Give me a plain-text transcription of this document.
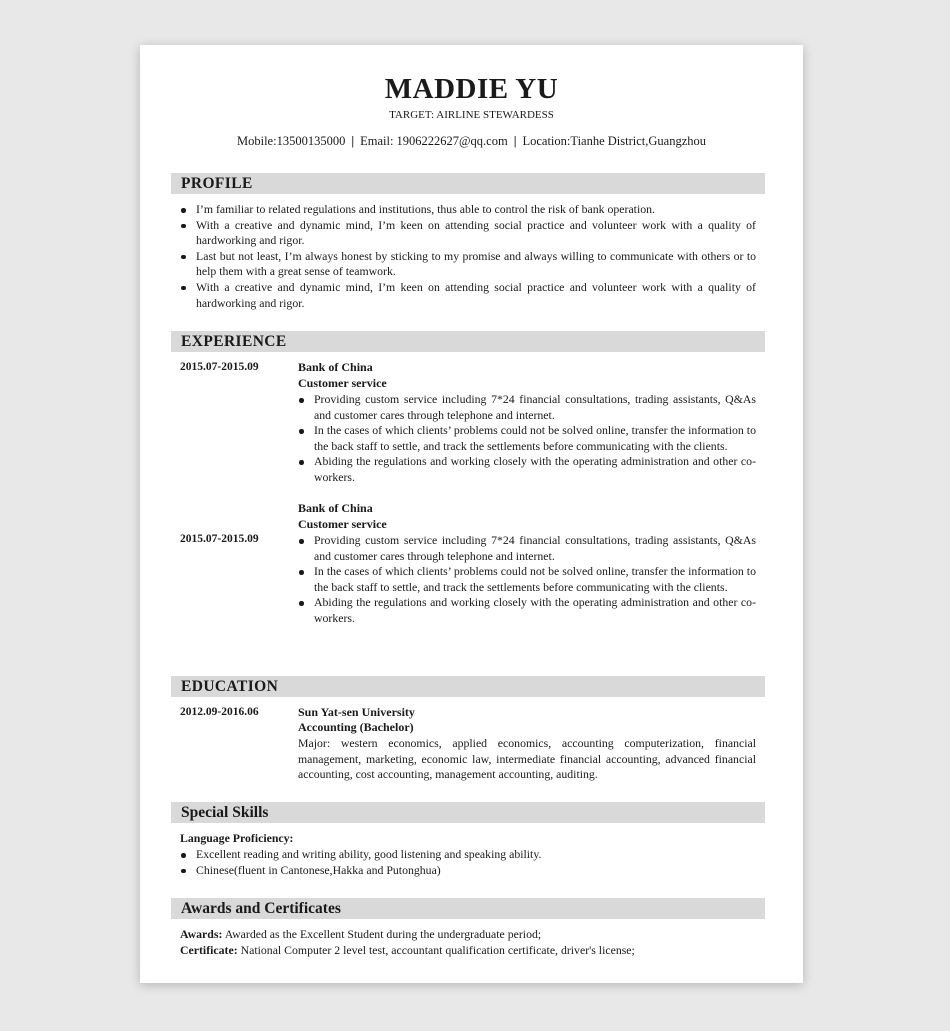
MADDIE YU
TARGET: AIRLINE STEWARDESS
Mobile:13500135000 | Email: 1906222627@qq.com | Location:Tianhe District,Guangzhou
PROFILE
I’m familiar to related regulations and institutions, thus able to control the risk of bank operation.
With a creative and dynamic mind, I’m keen on attending social practice and volunteer work with a quality of hardworking and rigor.
Last but not least, I’m always honest by sticking to my promise and always willing to communicate with others or to help them with a great sense of teamwork.
With a creative and dynamic mind, I’m keen on attending social practice and volunteer work with a quality of hardworking and rigor.
EXPERIENCE
2015.07-2015.09	Bank of China
Customer service
Providing custom service including 7*24 financial consultations, trading assistants, Q&As and customer cares through telephone and internet.
In the cases of which clients’ problems could not be solved online, transfer the information to the back staff to settle, and track the settlements before communicating with the clients.
Abiding the regulations and working closely with the operating administration and other co-workers.
Bank of China
Customer service
2015.07-2015.09	Providing custom service including 7*24 financial consultations, trading assistants, Q&As and customer cares through telephone and internet.
In the cases of which clients’ problems could not be solved online, transfer the information to the back staff to settle, and track the settlements before communicating with the clients.
Abiding the regulations and working closely with the operating administration and other co-workers.
EDUCATION
2012.09-2016.06	Sun Yat-sen University
Accounting (Bachelor)
Major: western economics, applied economics, accounting computerization, financial management, marketing, economic law, intermediate financial accounting, advanced financial accounting, cost accounting, management accounting, auditing.
Special Skills
Language Proficiency:
Excellent reading and writing ability, good listening and speaking ability.
Chinese(fluent in Cantonese,Hakka and Putonghua)
Awards and Certificates
Awards: Awarded as the Excellent Student during the undergraduate period;
Certificate: National Computer 2 level test, accountant qualification certificate, driver's license;
